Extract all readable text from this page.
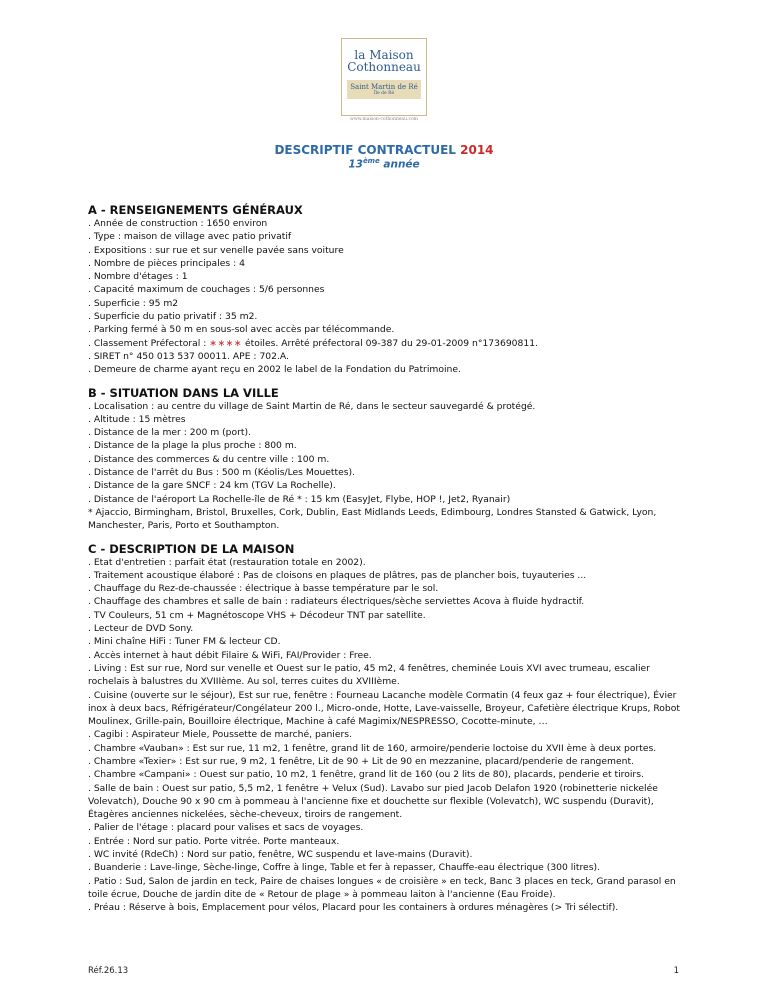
la Maison
Cothonneau
Saint Martin de Ré
Île de Ré
www.maison-cothonneau.com
DESCRIPTIF CONTRACTUEL 2014
13ème année
A - RENSEIGNEMENTS GÉNÉRAUX

. Année de construction : 1650 environ

. Type : maison de village avec patio privatif

. Expositions : sur rue et sur venelle pavée sans voiture

. Nombre de pièces principales : 4

. Nombre d'étages : 1

. Capacité maximum de couchages : 5/6 personnes

. Superficie : 95 m2

. Superficie du patio privatif : 35 m2.

. Parking fermé à 50 m en sous-sol avec accès par télécommande.

. Classement Préfectoral : ∗∗∗∗ étoiles. Arrêté préfectoral 09-387 du 29-01-2009 n°173690811.

. SIRET n° 450 013 537 00011. APE : 702.A.

. Demeure de charme ayant reçu en 2002 le label de la Fondation du Patrimoine.

B - SITUATION DANS LA VILLE

. Localisation : au centre du village de Saint Martin de Ré, dans le secteur sauvegardé & protégé.

. Altitude : 15 mètres

. Distance de la mer : 200 m (port).

. Distance de la plage la plus proche : 800 m.

. Distance des commerces & du centre ville : 100 m.

. Distance de l'arrêt du Bus : 500 m (Kéolis/Les Mouettes).

. Distance de la gare SNCF : 24 km (TGV La Rochelle).

. Distance de l'aéroport La Rochelle-île de Ré * : 15 km (EasyJet, Flybe, HOP !, Jet2, Ryanair)

* Ajaccio, Birmingham, Bristol, Bruxelles, Cork, Dublin, East Midlands Leeds, Edimbourg, Londres Stansted & Gatwick, Lyon, Manchester, Paris, Porto et Southampton.

C - DESCRIPTION DE LA MAISON

. Etat d'entretien : parfait état (restauration totale en 2002).

. Traitement acoustique élaboré : Pas de cloisons en plaques de plâtres, pas de plancher bois, tuyauteries ...

. Chauffage du Rez-de-chaussée : électrique à basse température par le sol.

. Chauffage des chambres et salle de bain : radiateurs électriques/sèche serviettes Acova à fluide hydractif.

. TV Couleurs, 51 cm + Magnétoscope VHS + Décodeur TNT par satellite.

. Lecteur de DVD Sony.

. Mini chaîne HiFi : Tuner FM & lecteur CD.

. Accès internet à haut débit Filaire & WiFi, FAI/Provider : Free.

. Living : Est sur rue, Nord sur venelle et Ouest sur le patio, 45 m2, 4 fenêtres, cheminée Louis XVI avec trumeau, escalier rochelais à balustres du XVIIIème. Au sol, terres cuites du XVIIIème.

. Cuisine (ouverte sur le séjour), Est sur rue, fenêtre : Fourneau Lacanche modèle Cormatin (4 feux gaz + four électrique), Évier inox à deux bacs, Réfrigérateur/Congélateur 200 l., Micro-onde, Hotte, Lave-vaisselle, Broyeur, Cafetière électrique Krups, Robot Moulinex, Grille-pain, Bouilloire électrique, Machine à café Magimix/NESPRESSO, Cocotte-minute, …

. Cagibi : Aspirateur Miele, Poussette de marché, paniers.

. Chambre «Vauban» : Est sur rue, 11 m2, 1 fenêtre, grand lit de 160, armoire/penderie loctoise du XVII ème à deux portes.

. Chambre «Texier» : Est sur rue, 9 m2, 1 fenêtre, Lit de 90 + Lit de 90 en mezzanine, placard/penderie de rangement.

. Chambre «Campani» : Ouest sur patio, 10 m2, 1 fenêtre, grand lit de 160 (ou 2 lits de 80), placards, penderie et tiroirs.

. Salle de bain : Ouest sur patio, 5,5 m2, 1 fenêtre + Velux (Sud). Lavabo sur pied Jacob Delafon 1920 (robinetterie nickelée Volevatch), Douche 90 x 90 cm à pommeau à l'ancienne fixe et douchette sur flexible (Volevatch), WC suspendu (Duravit), Étagères anciennes nickelées, sèche-cheveux, tiroirs de rangement.

. Palier de l'étage : placard pour valises et sacs de voyages.

. Entrée : Nord sur patio. Porte vitrée. Porte manteaux.

. WC invité (RdeCh) : Nord sur patio, fenêtre, WC suspendu et lave-mains (Duravit).

. Buanderie : Lave-linge, Sèche-linge, Coffre à linge, Table et fer à repasser, Chauffe-eau électrique (300 litres).

. Patio : Sud, Salon de jardin en teck, Paire de chaises longues « de croisière » en teck, Banc 3 places en teck, Grand parasol en toile écrue, Douche de jardin dite de « Retour de plage » à pommeau laiton à l'ancienne (Eau Froide).

. Préau : Réserve à bois, Emplacement pour vélos, Placard pour les containers à ordures ménagères (> Tri sélectif).

Réf.26.13	1
